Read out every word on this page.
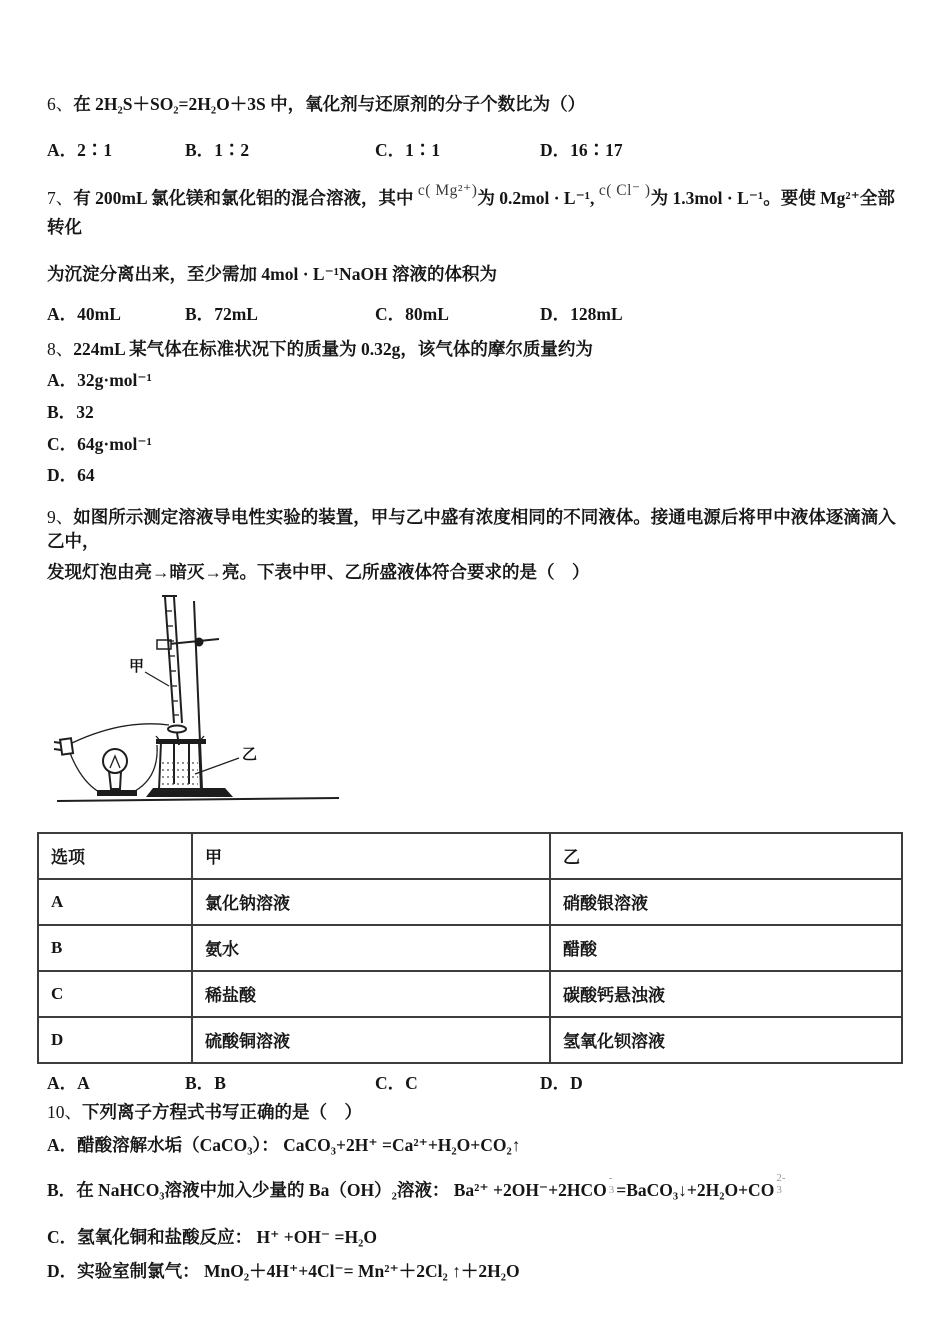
6、在 2H₂S＋SO₂=2H₂O＋3S 中，氧化剂与还原剂的分子个数比为（）

A．2∶1	B．1∶2	C．1∶1	D．16∶17

7、有 200mL 氯化镁和氯化铝的混合溶液，其中 c( Mg²⁺)为 0.2mol · L⁻¹, c( Cl⁻ )为 1.3mol · L⁻¹。要使 Mg²⁺全部转化

为沉淀分离出来，至少需加 4mol · L⁻¹NaOH 溶液的体积为

A．40mL	B．72mL	C．80mL	D．128mL

8、224mL 某气体在标准状况下的质量为 0.32g，该气体的摩尔质量约为

A．32g·mol⁻¹

B．32

C．64g·mol⁻¹

D．64

9、如图所示测定溶液导电性实验的装置，甲与乙中盛有浓度相同的不同液体。接通电源后将甲中液体逐滴滴入乙中，

发现灯泡由亮→暗灭→亮。下表中甲、乙所盛液体符合要求的是（　）

甲
乙
选项	甲	乙
A	氯化钠溶液	硝酸银溶液
B	氨水	醋酸
C	稀盐酸	碳酸钙悬浊液
D	硫酸铜溶液	氢氧化钡溶液
A．A	B．B	C．C	D．D

10、下列离子方程式书写正确的是（　）

A．醋酸溶解水垢（CaCO₃）： CaCO₃+2H⁺ =Ca²⁺+H₂O+CO₂↑

B．在 NaHCO₃溶液中加入少量的 Ba（OH）₂溶液： Ba²⁺ +2OH⁻+2HCO
-
3 =BaCO₃↓+2H₂O+CO
2-
3

C．氢氧化铜和盐酸反应： H⁺ +OH⁻ =H₂O

D．实验室制氯气： MnO₂＋4H⁺+4Cl⁻= Mn²⁺＋2Cl₂ ↑＋2H₂O
